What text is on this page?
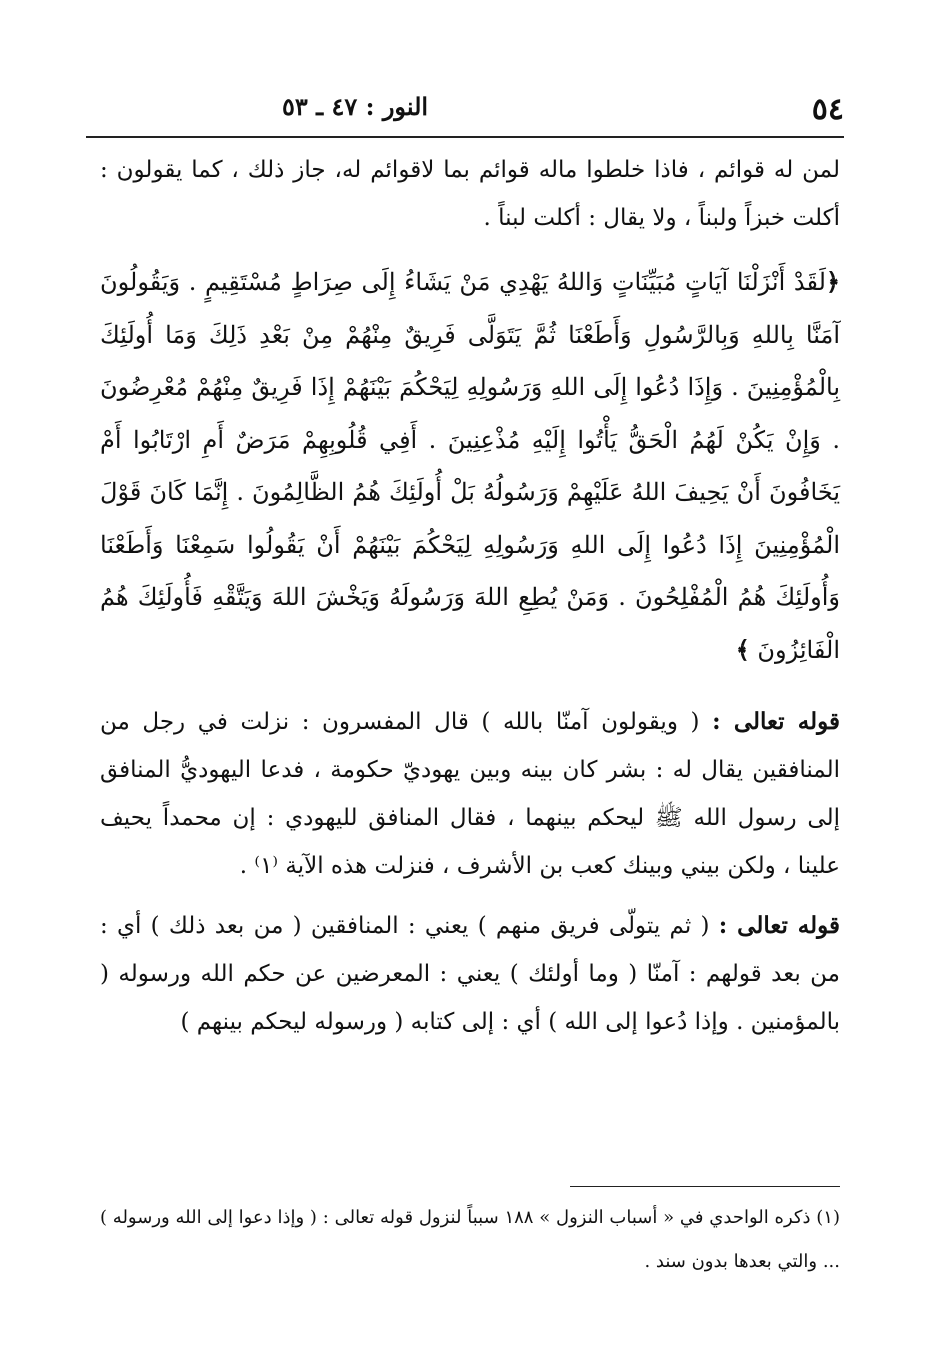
٥٤
النور : ٤٧ ـ ٥٣

لمن له قوائم ، فاذا خلطوا ماله قوائم بما لاقوائم له، جاز ذلك ، كما يقولون : أكلت خبزاً ولبناً ، ولا يقال : أكلت لبناً .

﴿لَقَدْ أَنْزَلْنَا آيَاتٍ مُبَيِّنَاتٍ وَاللهُ يَهْدِي مَنْ يَشَاءُ إِلَى صِرَاطٍ مُسْتَقِيمٍ . وَيَقُولُونَ آمَنَّا بِاللهِ وَبِالرَّسُولِ وَأَطَعْنَا ثُمَّ يَتَوَلَّى فَرِيقٌ مِنْهُمْ مِنْ بَعْدِ ذَلِكَ وَمَا أُولَئِكَ بِالْمُؤْمِنِينَ . وَإِذَا دُعُوا إِلَى اللهِ وَرَسُولِهِ لِيَحْكُمَ بَيْنَهُمْ إِذَا فَرِيقٌ مِنْهُمْ مُعْرِضُونَ . وَإِنْ يَكُنْ لَهُمُ الْحَقُّ يَأْتُوا إِلَيْهِ مُذْعِنِينَ . أَفِي قُلُوبِهِمْ مَرَضٌ أَمِ ارْتَابُوا أَمْ يَخَافُونَ أَنْ يَحِيفَ اللهُ عَلَيْهِمْ وَرَسُولُهُ بَلْ أُولَئِكَ هُمُ الظَّالِمُونَ . إِنَّمَا كَانَ قَوْلَ الْمُؤْمِنِينَ إِذَا دُعُوا إِلَى اللهِ وَرَسُولِهِ لِيَحْكُمَ بَيْنَهُمْ أَنْ يَقُولُوا سَمِعْنَا وَأَطَعْنَا وَأُولَئِكَ هُمُ الْمُفْلِحُونَ . وَمَنْ يُطِعِ اللهَ وَرَسُولَهُ وَيَخْشَ اللهَ وَيَتَّقْهِ فَأُولَئِكَ هُمُ الْفَائِزُونَ ﴾

قوله تعالى : ( ويقولون آمنّا بالله ) قال المفسرون : نزلت في رجل من المنافقين يقال له : بشر كان بينه وبين يهوديّ حكومة ، فدعا اليهوديُّ المنافق إلى رسول الله ﷺ ليحكم بينهما ، فقال المنافق لليهودي : إن محمداً يحيف علينا ، ولكن بيني وبينك كعب بن الأشرف ، فنزلت هذه الآية ⁽١⁾ .

قوله تعالى : ( ثم يتولّى فريق منهم ) يعني : المنافقين ( من بعد ذلك ) أي : من بعد قولهم : آمنّا ( وما أولئك ) يعني : المعرضين عن حكم الله ورسوله ( بالمؤمنين . وإذا دُعوا إلى الله ) أي : إلى كتابه ( ورسوله ليحكم بينهم )

(١) ذكره الواحدي في « أسباب النزول » ١٨٨ سبباً لنزول قوله تعالى : ( وإذا دعوا إلى الله ورسوله ) ... والتي بعدها بدون سند .
